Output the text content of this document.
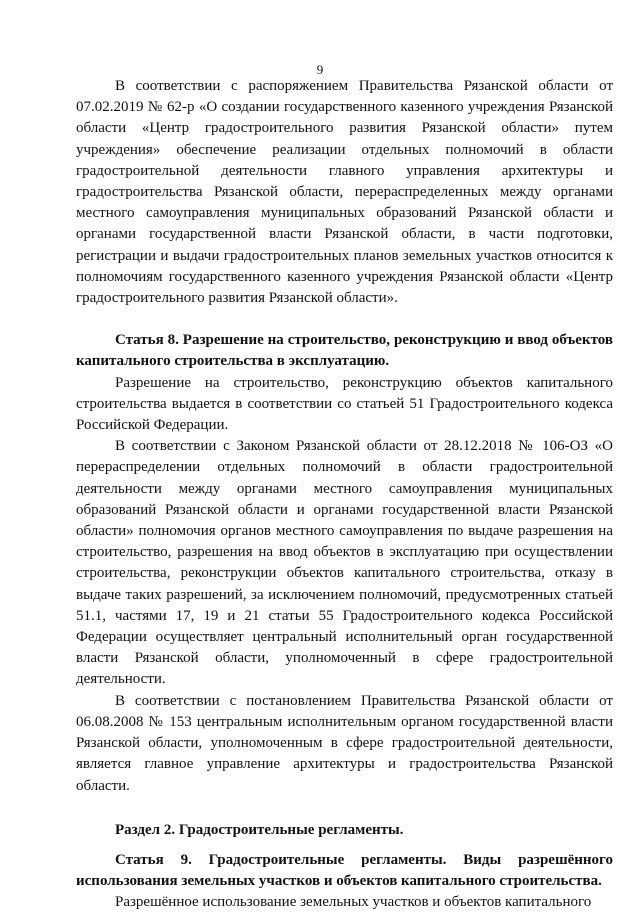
9

В соответствии с распоряжением Правительства Рязанской области от 07.02.2019 № 62-р «О создании государственного казенного учреждения Рязанской области «Центр градостроительного развития Рязанской области» путем учреждения» обеспечение реализации отдельных полномочий в области градостроительной деятельности главного управления архитектуры и градостроительства Рязанской области, перераспределенных между органами местного самоуправления муниципальных образований Рязанской области и органами государственной власти Рязанской области, в части подготовки, регистрации и выдачи градостроительных планов земельных участков относится к полномочиям государственного казенного учреждения Рязанской области «Центр градостроительного развития Рязанской области».

Статья 8. Разрешение на строительство, реконструкцию и ввод объектов капитального строительства в эксплуатацию.

Разрешение на строительство, реконструкцию объектов капитального строительства выдается в соответствии со статьей 51 Градостроительного кодекса Российской Федерации.

В соответствии с Законом Рязанской области от 28.12.2018 № 106-ОЗ «О перераспределении отдельных полномочий в области градостроительной деятельности между органами местного самоуправления муниципальных образований Рязанской области и органами государственной власти Рязанской области» полномочия органов местного самоуправления по выдаче разрешения на строительство, разрешения на ввод объектов в эксплуатацию при осуществлении строительства, реконструкции объектов капитального строительства, отказу в выдаче таких разрешений, за исключением полномочий, предусмотренных статьей 51.1, частями 17, 19 и 21 статьи 55 Градостроительного кодекса Российской Федерации осуществляет центральный исполнительный орган государственной власти Рязанской области, уполномоченный в сфере градостроительной деятельности.

В соответствии с постановлением Правительства Рязанской области от 06.08.2008 № 153 центральным исполнительным органом государственной власти Рязанской области, уполномоченным в сфере градостроительной деятельности, является главное управление архитектуры и градостроительства Рязанской области.

Раздел 2. Градостроительные регламенты.

Статья 9. Градостроительные регламенты. Виды разрешённого использования земельных участков и объектов капитального строительства.

Разрешённое использование земельных участков и объектов капитального
